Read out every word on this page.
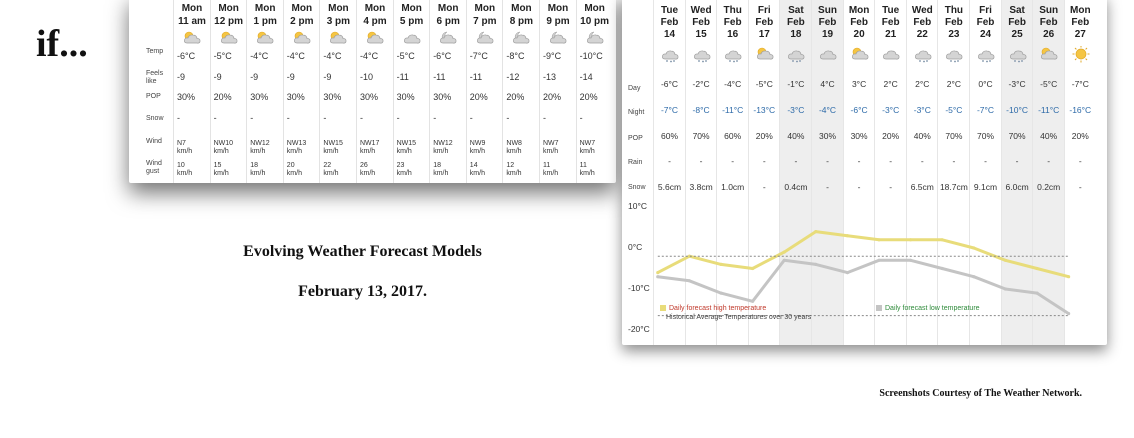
if...	Temp
Feels like
POP
Snow
Wind
Wind gust
Mon
11 am
-6°C
-9
30%
-
N7
km/h
10
km/h
Mon
12 pm
-5°C
-9
20%
-
NW10
km/h
15
km/h
Mon
1 pm
-4°C
-9
30%
-
NW12
km/h
18
km/h
Mon
2 pm
-4°C
-9
30%
-
NW13
km/h
20
km/h
Mon
3 pm
-4°C
-9
30%
-
NW15
km/h
22
km/h
Mon
4 pm
-4°C
-10
30%
-
NW17
km/h
26
km/h
Mon
5 pm
-5°C
-11
30%
-
NW15
km/h
23
km/h
Mon
6 pm
-6°C
-11
30%
-
NW12
km/h
18
km/h
Mon
7 pm
-7°C
-11
20%
-
NW9
km/h
14
km/h
Mon
8 pm
-8°C
-12
20%
-
NW8
km/h
12
km/h
Mon
9 pm
-9°C
-13
20%
-
NW7
km/h
11
km/h
Mon
10 pm
-10°C
-14
20%
-
NW7
km/h
11
km/h
Tue
Feb
14
-6°C
-7°C
60%
-
5.6cm
Wed
Feb
15
-2°C
-8°C
70%
-
3.8cm
Thu
Feb
16
-4°C
-11°C
60%
-
1.0cm
Fri
Feb
17
-5°C
-13°C
20%
-
-
Sat
Feb
18
-1°C
-3°C
40%
-
0.4cm
Sun
Feb
19
4°C
-4°C
30%
-
-
Mon
Feb
20
3°C
-6°C
30%
-
-
Tue
Feb
21
2°C
-3°C
20%
-
-
Wed
Feb
22
2°C
-3°C
40%
-
6.5cm
Thu
Feb
23
2°C
-5°C
70%
-
18.7cm
Fri
Feb
24
0°C
-7°C
70%
-
9.1cm
Sat
Feb
25
-3°C
-10°C
70%
-
6.0cm
Sun
Feb
26
-5°C
-11°C
40%
-
0.2cm
Mon
Feb
27
-7°C
-16°C
20%
-
-
Day
Night
POP
Rain
Snow
10°C
0°C
-10°C
-20°C
Daily forecast high temperature	Daily forecast low temperature
Historical Average Temperatures over 30 years
Evolving Weather Forecast Models
February 13, 2017.
Screenshots Courtesy of The Weather Network.
